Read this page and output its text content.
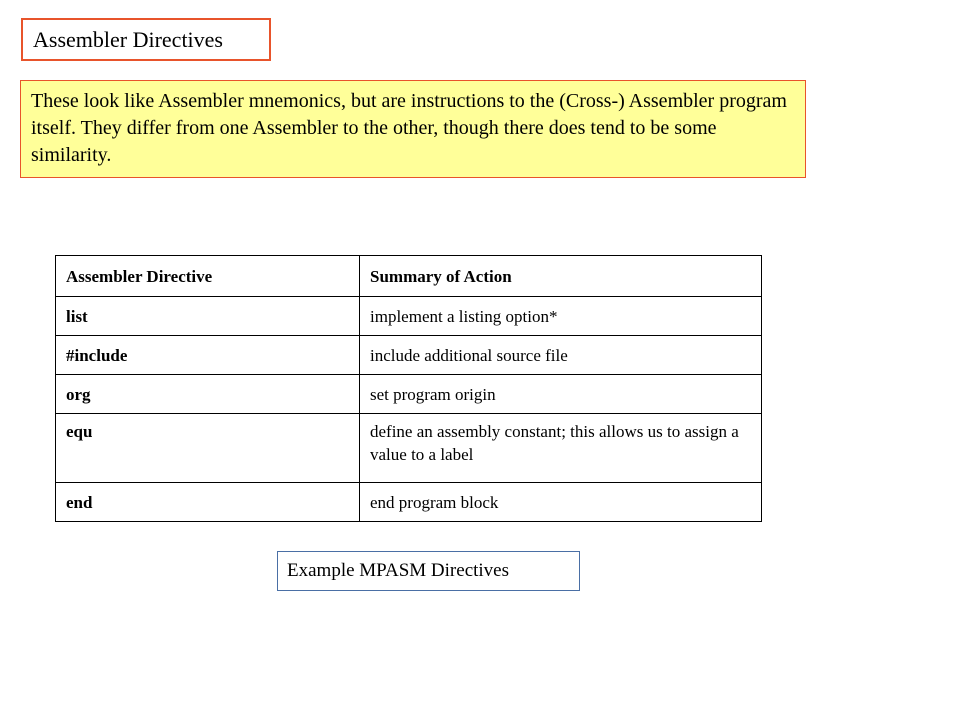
Assembler Directives
These look like Assembler mnemonics, but are instructions to the (Cross-) Assembler program itself. They differ from one Assembler to the other, though there does tend to be some similarity.
Assembler Directive	Summary of Action
list	implement a listing option*
#include	include additional source file
org	set program origin
equ	define an assembly constant; this allows us to assign a value to a label
end	end program block
Example MPASM Directives
